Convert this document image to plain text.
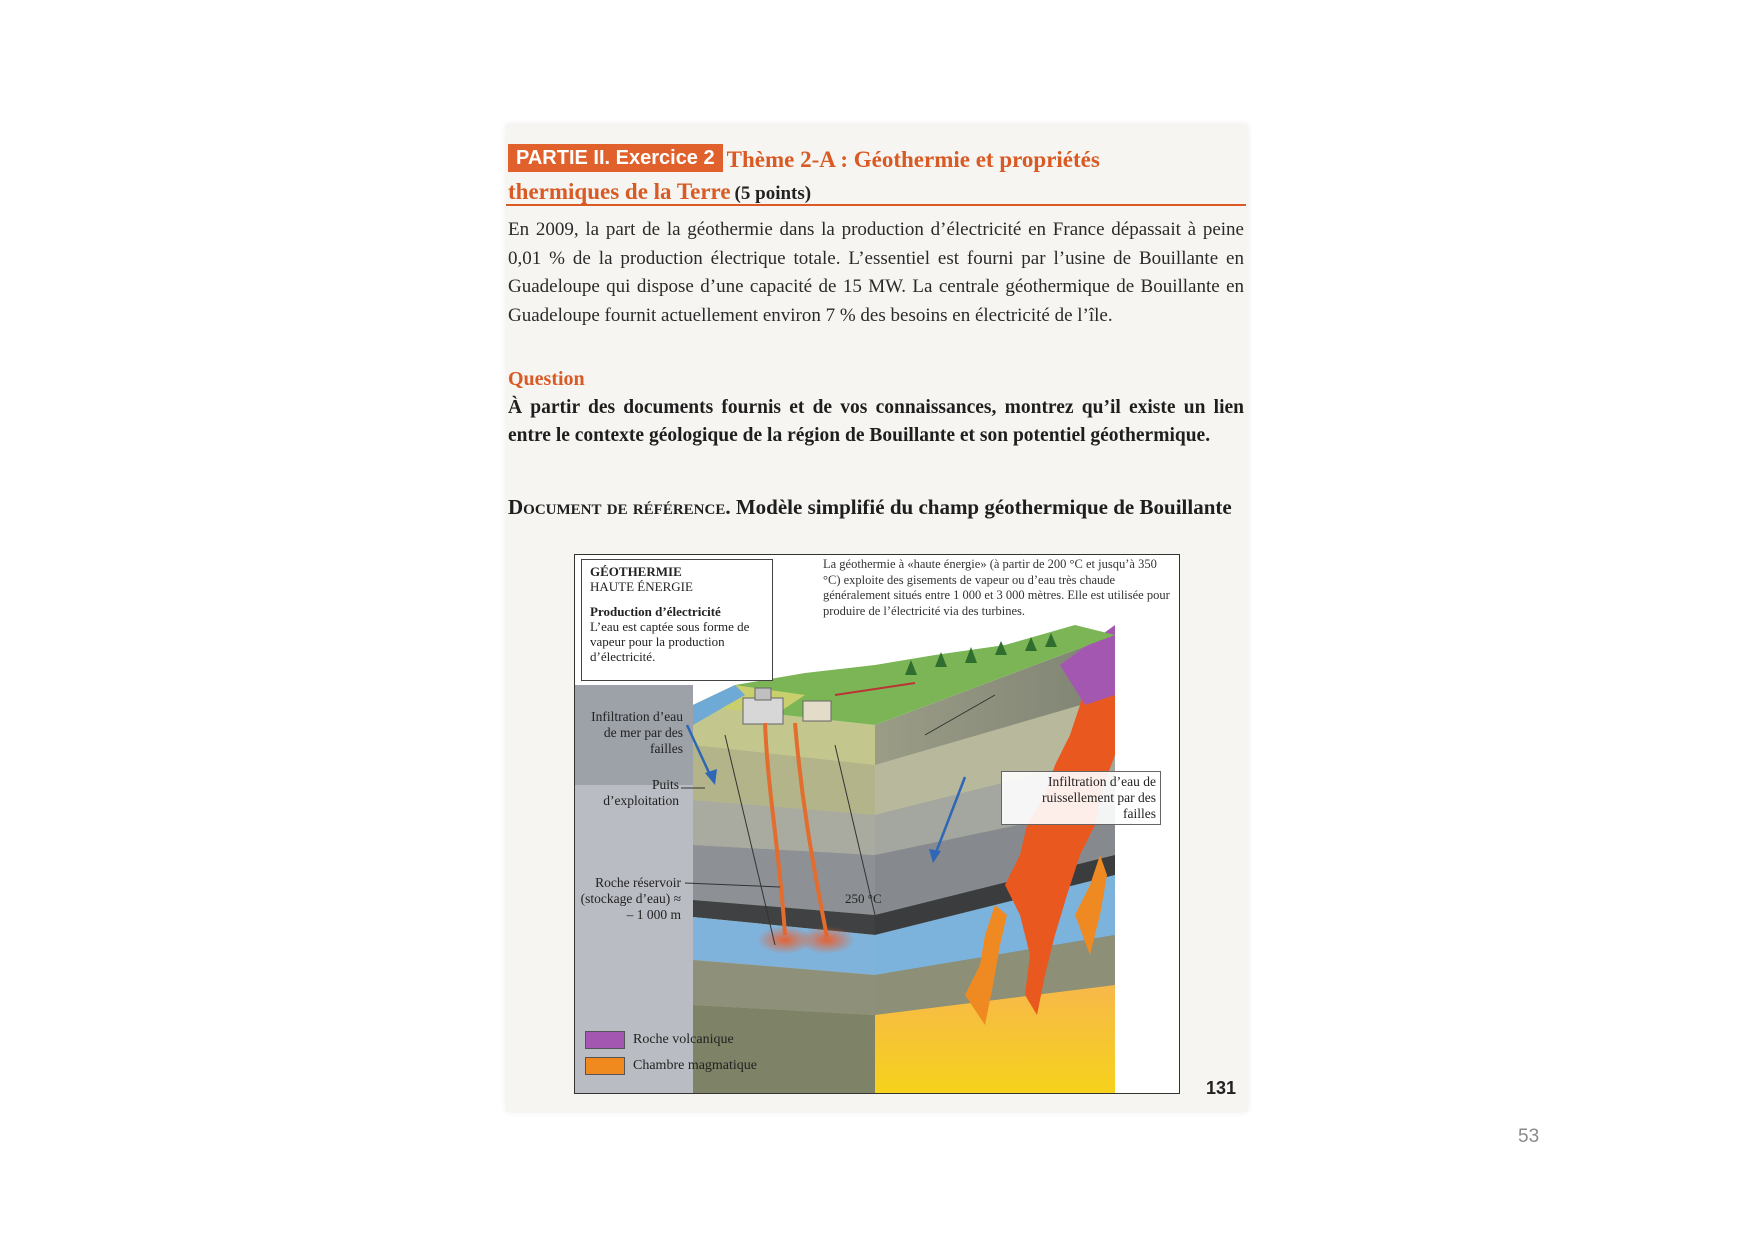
PARTIE II. Exercice 2 Thème 2-A : Géothermie et propriétés
thermiques de la Terre (5 points)
En 2009, la part de la géothermie dans la production d’électricité en France dépassait à peine 0,01 % de la production électrique totale. L’essentiel est fourni par l’usine de Bouillante en Guadeloupe qui dispose d’une capacité de 15 MW. La centrale géothermique de Bouillante en Guadeloupe fournit actuellement environ 7 % des besoins en électricité de l’île.
Question
À partir des documents fournis et de vos connaissances, montrez qu’il existe un lien entre le contexte géologique de la région de Bouillante et son potentiel géothermique.
Document de référence. Modèle simplifié du champ géothermique de Bouillante
GÉOTHERMIE
HAUTE ÉNERGIE
Production d’électricité
L’eau est captée sous forme de vapeur pour la production d’électricité.
La géothermie à «haute énergie» (à partir de 200 °C et jusqu’à 350 °C) exploite des gisements de vapeur ou d’eau très chaude généralement situés entre 1 000 et 3 000 mètres. Elle est utilisée pour produire de l’électricité via des turbines.
Infiltration d’eau de mer par des failles
Puits d’exploitation
Roche réservoir (stockage d’eau) ≈ – 1 000 m
Infiltration d’eau de ruissellement par des failles
250 °C
Roche volcanique
Chambre magmatique
131
53
